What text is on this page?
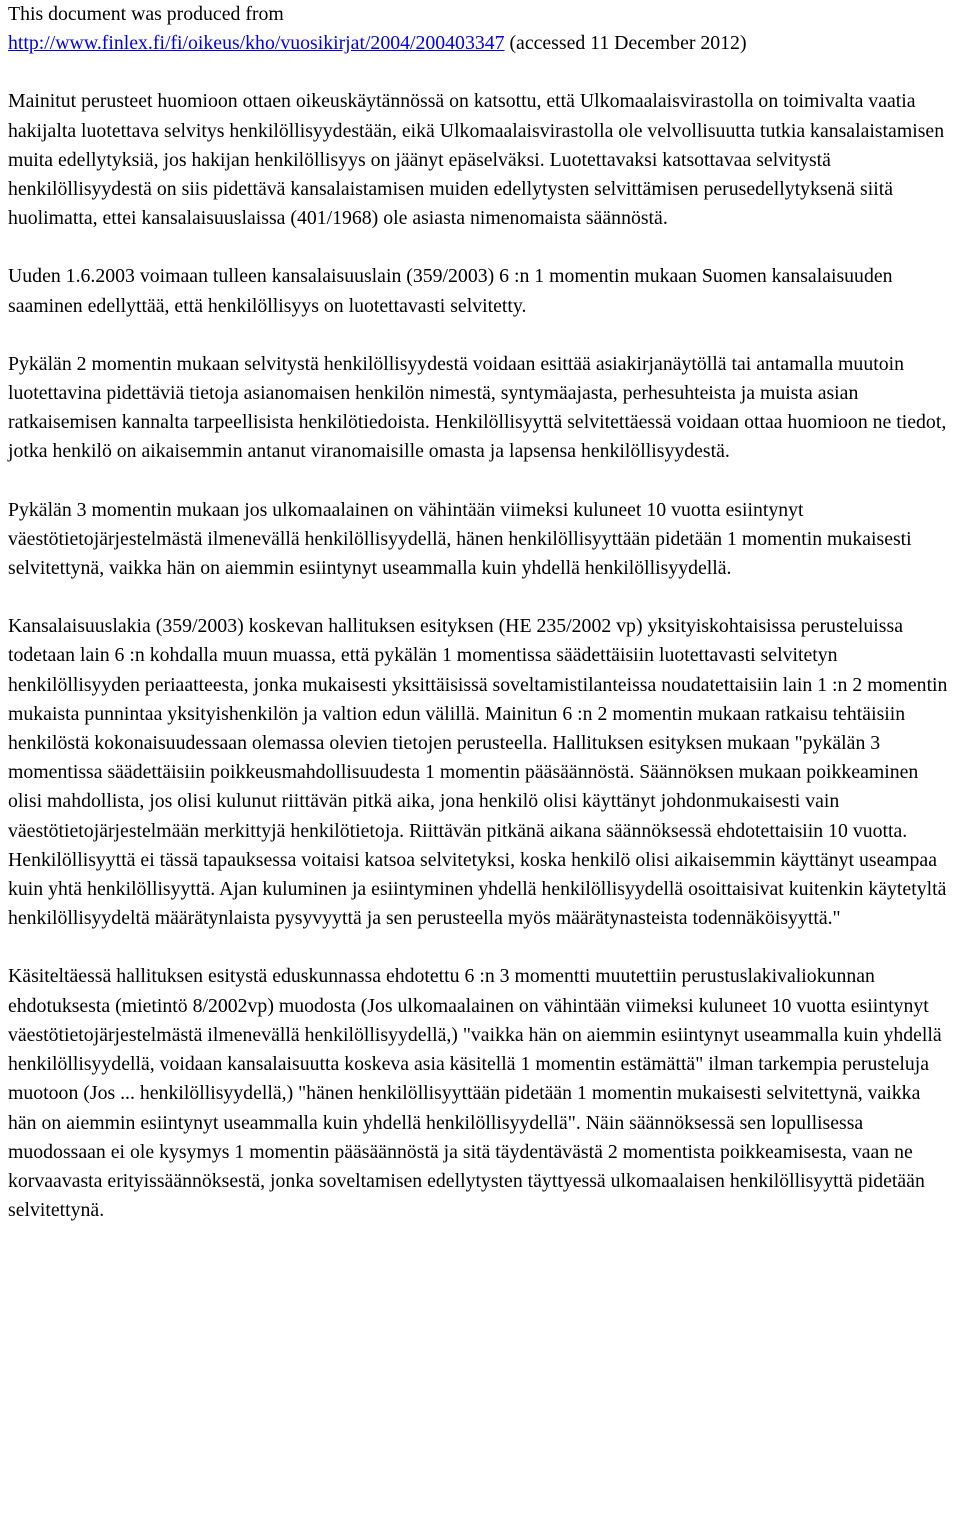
This document was produced from
http://www.finlex.fi/fi/oikeus/kho/vuosikirjat/2004/200403347 (accessed 11 December 2012)

Mainitut perusteet huomioon ottaen oikeuskäytännössä on katsottu, että Ulkomaalaisvirastolla on toimivalta vaatia hakijalta luotettava selvitys henkilöllisyydestään, eikä Ulkomaalaisvirastolla ole velvollisuutta tutkia kansalaistamisen muita edellytyksiä, jos hakijan henkilöllisyys on jäänyt epäselväksi. Luotettavaksi katsottavaa selvitystä henkilöllisyydestä on siis pidettävä kansalaistamisen muiden edellytysten selvittämisen perusedellytyksenä siitä huolimatta, ettei kansalaisuuslaissa (401/1968) ole asiasta nimenomaista säännöstä.

Uuden 1.6.2003 voimaan tulleen kansalaisuuslain (359/2003) 6 :n 1 momentin mukaan Suomen kansalaisuuden saaminen edellyttää, että henkilöllisyys on luotettavasti selvitetty.

Pykälän 2 momentin mukaan selvitystä henkilöllisyydestä voidaan esittää asiakirjanäytöllä tai antamalla muutoin luotettavina pidettäviä tietoja asianomaisen henkilön nimestä, syntymäajasta, perhesuhteista ja muista asian ratkaisemisen kannalta tarpeellisista henkilötiedoista. Henkilöllisyyttä selvitettäessä voidaan ottaa huomioon ne tiedot, jotka henkilö on aikaisemmin antanut viranomaisille omasta ja lapsensa henkilöllisyydestä.

Pykälän 3 momentin mukaan jos ulkomaalainen on vähintään viimeksi kuluneet 10 vuotta esiintynyt väestötietojärjestelmästä ilmenevällä henkilöllisyydellä, hänen henkilöllisyyttään pidetään 1 momentin mukaisesti selvitettynä, vaikka hän on aiemmin esiintynyt useammalla kuin yhdellä henkilöllisyydellä.

Kansalaisuuslakia (359/2003) koskevan hallituksen esityksen (HE 235/2002 vp) yksityiskohtaisissa perusteluissa todetaan lain 6 :n kohdalla muun muassa, että pykälän 1 momentissa säädettäisiin luotettavasti selvitetyn henkilöllisyyden periaatteesta, jonka mukaisesti yksittäisissä soveltamistilanteissa noudatettaisiin lain 1 :n 2 momentin mukaista punnintaa yksityishenkilön ja valtion edun välillä. Mainitun 6 :n 2 momentin mukaan ratkaisu tehtäisiin henkilöstä kokonaisuudessaan olemassa olevien tietojen perusteella. Hallituksen esityksen mukaan "pykälän 3 momentissa säädettäisiin poikkeusmahdollisuudesta 1 momentin pääsäännöstä. Säännöksen mukaan poikkeaminen olisi mahdollista, jos olisi kulunut riittävän pitkä aika, jona henkilö olisi käyttänyt johdonmukaisesti vain väestötietojärjestelmään merkittyjä henkilötietoja. Riittävän pitkänä aikana säännöksessä ehdotettaisiin 10 vuotta. Henkilöllisyyttä ei tässä tapauksessa voitaisi katsoa selvitetyksi, koska henkilö olisi aikaisemmin käyttänyt useampaa kuin yhtä henkilöllisyyttä. Ajan kuluminen ja esiintyminen yhdellä henkilöllisyydellä osoittaisivat kuitenkin käytetyltä henkilöllisyydeltä määrätynlaista pysyvyyttä ja sen perusteella myös määrätynasteista todennäköisyyttä."

Käsiteltäessä hallituksen esitystä eduskunnassa ehdotettu 6 :n 3 momentti muutettiin perustuslakivaliokunnan ehdotuksesta (mietintö 8/2002vp) muodosta (Jos ulkomaalainen on vähintään viimeksi kuluneet 10 vuotta esiintynyt väestötietojärjestelmästä ilmenevällä henkilöllisyydellä,) "vaikka hän on aiemmin esiintynyt useammalla kuin yhdellä henkilöllisyydellä, voidaan kansalaisuutta koskeva asia käsitellä 1 momentin estämättä" ilman tarkempia perusteluja muotoon (Jos ... henkilöllisyydellä,) "hänen henkilöllisyyttään pidetään 1 momentin mukaisesti selvitettynä, vaikka hän on aiemmin esiintynyt useammalla kuin yhdellä henkilöllisyydellä". Näin säännöksessä sen lopullisessa muodossaan ei ole kysymys 1 momentin pääsäännöstä ja sitä täydentävästä 2 momentista poikkeamisesta, vaan ne korvaavasta erityissäännöksestä, jonka soveltamisen edellytysten täyttyessä ulkomaalaisen henkilöllisyyttä pidetään selvitettynä.
